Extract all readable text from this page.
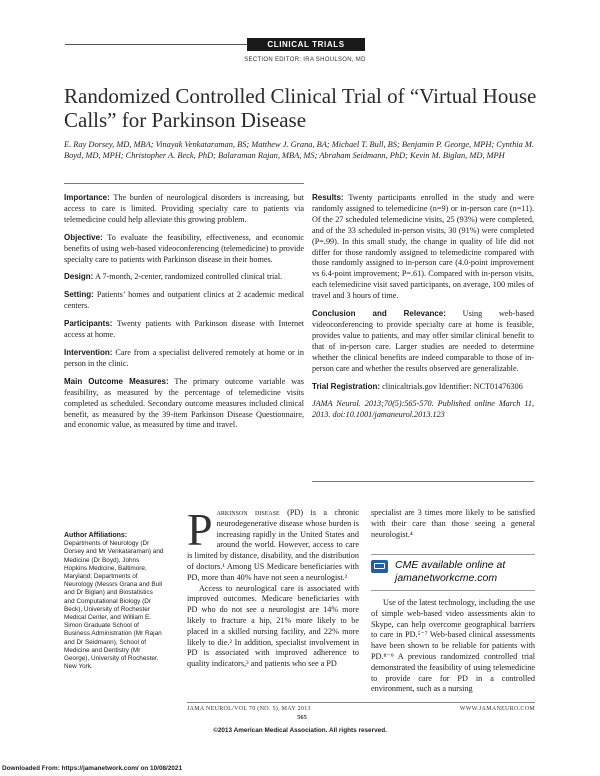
CLINICAL TRIALS
SECTION EDITOR: IRA SHOULSON, MD
Randomized Controlled Clinical Trial of “Virtual House Calls” for Parkinson Disease
E. Ray Dorsey, MD, MBA; Vinayak Venkataraman, BS; Matthew J. Grana, BA; Michael T. Bull, BS; Benjamin P. George, MPH; Cynthia M. Boyd, MD, MPH; Christopher A. Beck, PhD; Balaraman Rajan, MBA, MS; Abraham Seidmann, PhD; Kevin M. Biglan, MD, MPH

Importance: The burden of neurological disorders is increasing, but access to care is limited. Providing specialty care to patients via telemedicine could help alleviate this growing problem.

Objective: To evaluate the feasibility, effectiveness, and economic benefits of using web-based videoconferencing (telemedicine) to provide specialty care to patients with Parkinson disease in their homes.

Design: A 7-month, 2-center, randomized controlled clinical trial.

Setting: Patients’ homes and outpatient clinics at 2 academic medical centers.

Participants: Twenty patients with Parkinson disease with Internet access at home.

Intervention: Care from a specialist delivered remotely at home or in person in the clinic.

Main Outcome Measures: The primary outcome variable was feasibility, as measured by the percentage of telemedicine visits completed as scheduled. Secondary outcome measures included clinical benefit, as measured by the 39-item Parkinson Disease Questionnaire, and economic value, as measured by time and travel.

Results: Twenty participants enrolled in the study and were randomly assigned to telemedicine (n=9) or in-person care (n=11). Of the 27 scheduled telemedicine visits, 25 (93%) were completed, and of the 33 scheduled in-person visits, 30 (91%) were completed (P=.99). In this small study, the change in quality of life did not differ for those randomly assigned to telemedicine compared with those randomly assigned to in-person care (4.0-point improvement vs 6.4-point improvement; P=.61). Compared with in-person visits, each telemedicine visit saved participants, on average, 100 miles of travel and 3 hours of time.

Conclusion and Relevance: Using web-based videoconferencing to provide specialty care at home is feasible, provides value to patients, and may offer similar clinical benefit to that of in-person care. Larger studies are needed to determine whether the clinical benefits are indeed comparable to those of in-person care and whether the results observed are generalizable.

Trial Registration: clinicaltrials.gov Identifier: NCT01476306

JAMA Neurol. 2013;70(5):565-570. Published online March 11, 2013. doi:10.1001/jamaneurol.2013.123

Author Affiliations:
Departments of Neurology (Dr Dorsey and Mr Venkataraman) and Medicine (Dr Boyd), Johns Hopkins Medicine, Baltimore, Maryland; Departments of Neurology (Messrs Grana and Bull and Dr Biglan) and Biostatistics and Computational Biology (Dr Beck), University of Rochester Medical Center, and William E. Simon Graduate School of Business Administration (Mr Rajan and Dr Seidmann), School of Medicine and Dentistry (Mr George), University of Rochester, New York.
Parkinson disease (PD) is a chronic neurodegenerative disease whose burden is increasing rapidly in the United States and around the world. However, access to care is limited by distance, disability, and the distribution of doctors.¹ Among US Medicare beneficiaries with PD, more than 40% have not seen a neurologist.²
Access to neurological care is associated with improved outcomes. Medicare beneficiaries with PD who do not see a neurologist are 14% more likely to fracture a hip, 21% more likely to be placed in a skilled nursing facility, and 22% more likely to die.² In addition, specialist involvement in PD is associated with improved adherence to quality indicators,³ and patients who see a PD
specialist are 3 times more likely to be satisfied with their care than those seeing a general neurologist.⁴
CME available online at
jamanetworkcme.com
Use of the latest technology, including the use of simple web-based video assessments akin to Skype, can help overcome geographical barriers to care in PD.⁵⁻⁷ Web-based clinical assessments have been shown to be reliable for patients with PD.⁸⁻⁹ A previous randomized controlled trial demonstrated the feasibility of using telemedicine to provide care for PD in a controlled environment, such as a nursing
JAMA NEUROL/VOL 70 (NO. 5), MAY 2013	WWW.JAMANEURO.COM
565
©2013 American Medical Association. All rights reserved.
Downloaded From: https://jamanetwork.com/ on 10/08/2021
